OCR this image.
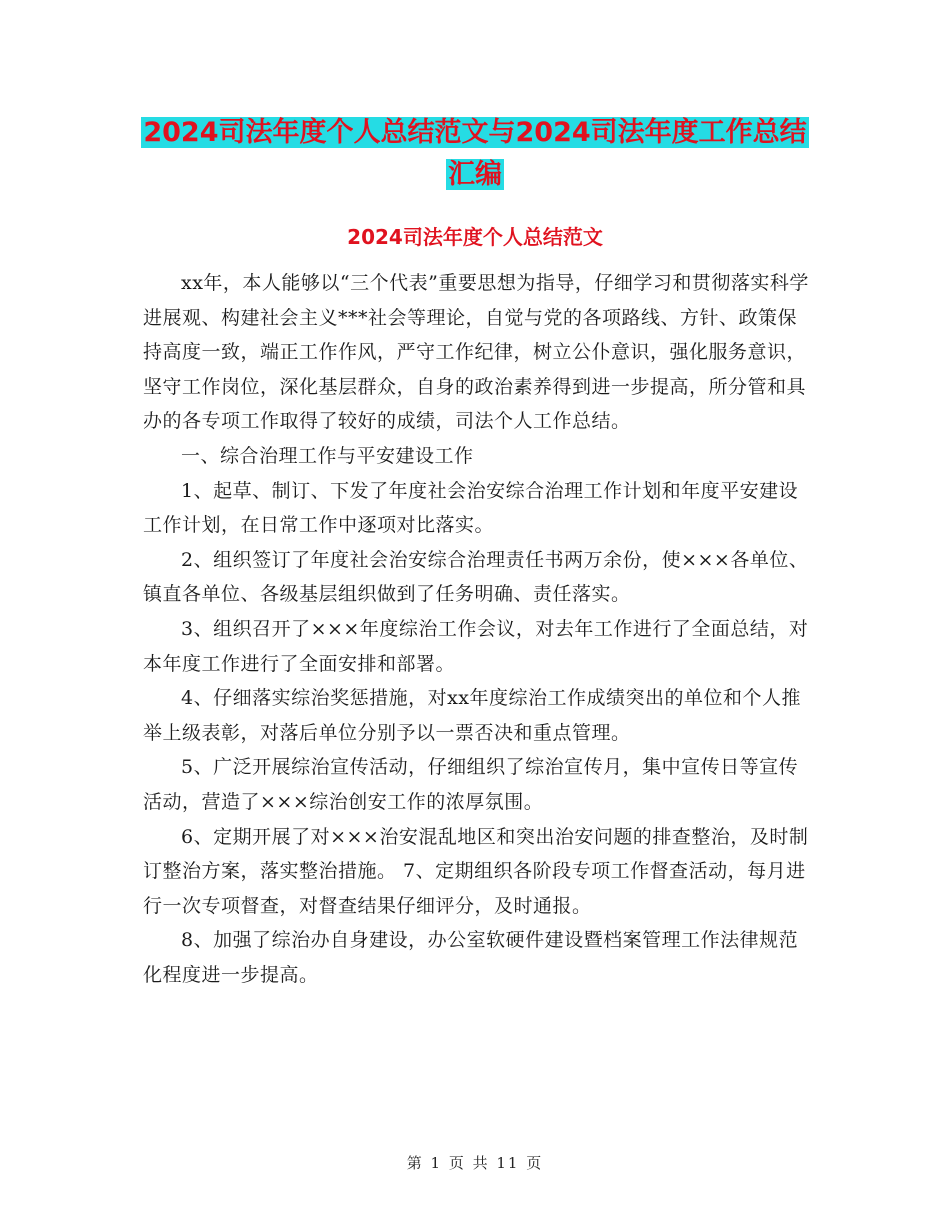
2024司法年度个人总结范文与2024司法年度工作总结
汇编
2024司法年度个人总结范文

xx年，本人能够以“三个代表”重要思想为指导，仔细学习和贯彻落实科学进展观、构建社会主义***社会等理论，自觉与党的各项路线、方针、政策保持高度一致，端正工作作风，严守工作纪律，树立公仆意识，强化服务意识，坚守工作岗位，深化基层群众，自身的政治素养得到进一步提高，所分管和具办的各专项工作取得了较好的成绩，司法个人工作总结。

一、综合治理工作与平安建设工作

1、起草、制订、下发了年度社会治安综合治理工作计划和年度平安建设工作计划，在日常工作中逐项对比落实。

2、组织签订了年度社会治安综合治理责任书两万余份，使×××各单位、镇直各单位、各级基层组织做到了任务明确、责任落实。

3、组织召开了×××年度综治工作会议，对去年工作进行了全面总结，对本年度工作进行了全面安排和部署。

4、仔细落实综治奖惩措施，对xx年度综治工作成绩突出的单位和个人推举上级表彰，对落后单位分别予以一票否决和重点管理。

5、广泛开展综治宣传活动，仔细组织了综治宣传月，集中宣传日等宣传活动，营造了×××综治创安工作的浓厚氛围。

6、定期开展了对×××治安混乱地区和突出治安问题的排查整治，及时制订整治方案，落实整治措施。 7、定期组织各阶段专项工作督查活动，每月进行一次专项督查，对督查结果仔细评分，及时通报。

8、加强了综治办自身建设，办公室软硬件建设暨档案管理工作法律规范化程度进一步提高。

第 1 页 共 11 页
